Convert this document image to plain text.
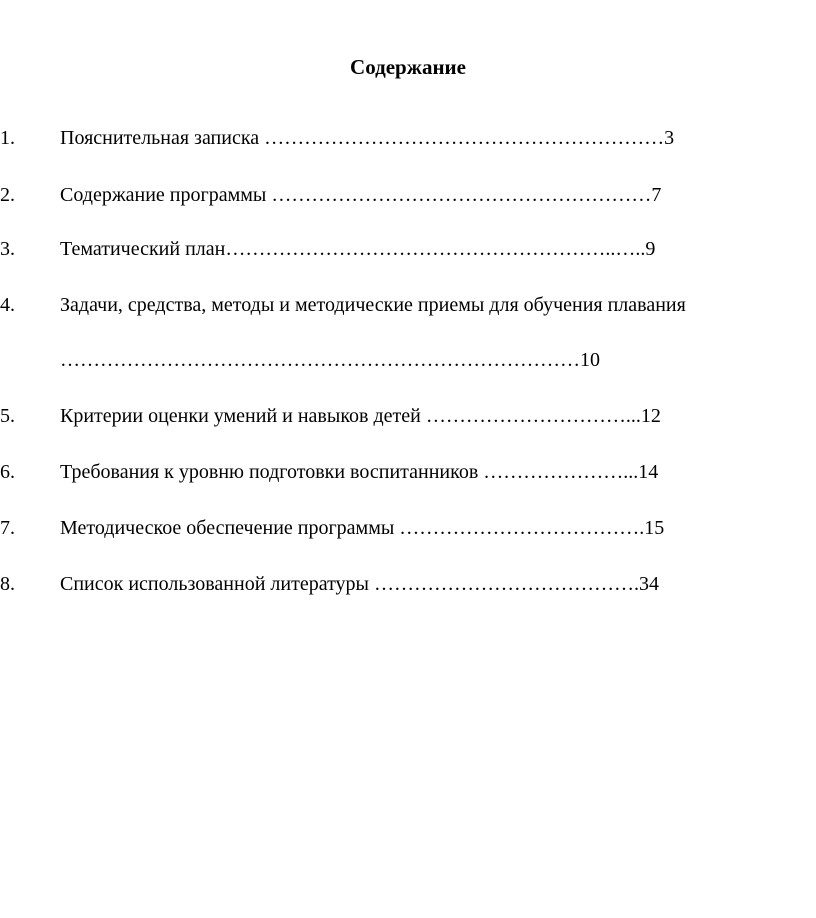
Содержание
1. Пояснительная записка ……………………………………………………3
2. Содержание программы …………………………………………………7
3. Тематический план…………………………………………………..…..9
4. Задачи, средства, методы и методические приемы для обучения плавания
……………………………………………………………………10
5. Критерии оценки умений и навыков детей …………………………...12
6. Требования к уровню подготовки воспитанников …………………...14
7. Методическое обеспечение программы ……………………………….15
8. Список использованной литературы ………………………………….34
